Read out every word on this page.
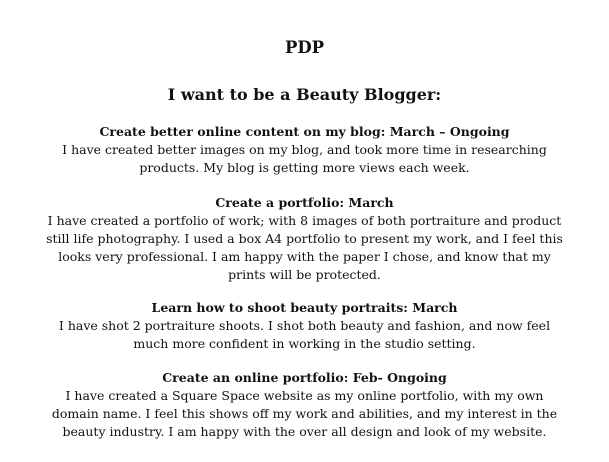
PDP
I want to be a Beauty Blogger:

Create better online content on my blog: March – Ongoing

I have created better images on my blog, and took more time in researching
products. My blog is getting more views each week.

Create a portfolio: March

I have created a portfolio of work; with 8 images of both portraiture and product
still life photography. I used a box A4 portfolio to present my work, and I feel this
looks very professional. I am happy with the paper I chose, and know that my
prints will be protected.

Learn how to shoot beauty portraits: March

I have shot 2 portraiture shoots. I shot both beauty and fashion, and now feel
much more confident in working in the studio setting.

Create an online portfolio: Feb- Ongoing

I have created a Square Space website as my online portfolio, with my own
domain name. I feel this shows off my work and abilities, and my interest in the
beauty industry. I am happy with the over all design and look of my website.
